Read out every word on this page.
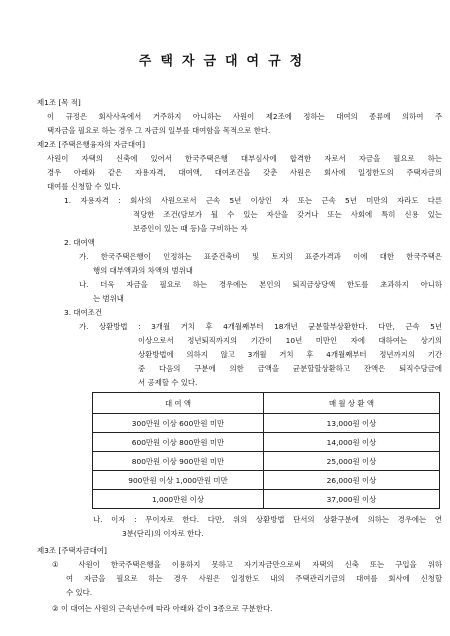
주택자금대여규정
제1조 [목 적]
이 규정은 회사사옥에서 거주하지 아니하는 사원이 제2조에 정하는 대여의 종류에 의하여 주
택자금을 필요로 하는 경우 그 자금의 일부를 대여함을 목적으로 한다.
제2조 [주택은행융자의 자금대여]
사원이 자택의 신축에 있어서 한국주택은행 대부심사에 합격한 자로서 자금을 필요로 하는
경우 아래와 같은 자용자격, 대여액, 대여조건을 갖춘 사원은 회사에 일정한도의 주택자금의
대여를 신청할 수 있다.
1. 자용자격 : 회사의 사원으로서 근속 5년 이상인 자 또는 근속 5년 미만의 자라도 다른
적당한 조건(담보가 될 수 있는 자산을 갖거나 또는 사회에 특히 신용 있는
보증인이 있는 때 등)을 구비하는 자
2. 대여액
가. 한국주택은행이 인정하는 표준건축비 및 토지의 표준가격과 이에 대한 한국주택은
행의 대부액과의 차액의 범위내
나. 더욱 자금을 필요로 하는 경우에는 본인의 퇴직금상당액 한도를 초과하지 아니하
는 범위내
3. 대여조건
가. 상환방법 : 3개월 거치 후 4개월째부터 18개년 균분할부상환한다. 다만, 근속 5년
이상으로서 정년퇴직까지의 기간이 10년 미만인 자에 대하여는 상기의
상환방법에 의하지 않고 3개월 거치 후 4개월째부터 정년까지의 기간
중 다음의 구분에 의한 금액을 균분할할상환하고 잔액은 퇴직수당금에
서 공제할 수 있다.
대 여 액	매 월 상 환 액
300만원 이상 600만원 미만	13,000원 이상
600만원 이상 800만원 미만	14,000원 이상
800만원 이상 900만원 미만	25,000원 이상
900만원 이상 1,000만원 미만	26,000원 이상
1,000만원 이상	37,000원 이상
나. 이자 : 무이자로 한다. 다만, 위의 상환방법 단서의 상환구분에 의하는 경우에는 연
3분(단리)의 이자로 한다.
제3조 [주택자금대여]
① 사원이 한국주택은행을 이용하지 못하고 자기자금만으로써 자택의 신축 또는 구입을 위하
여 자금을 필요로 하는 경우 사원은 일정한도 내의 주택관리기금의 대여를 회사에 신청할
수 있다.
② 이 대여는 사원의 근속년수에 따라 아래와 같이 3종으로 구분한다.
